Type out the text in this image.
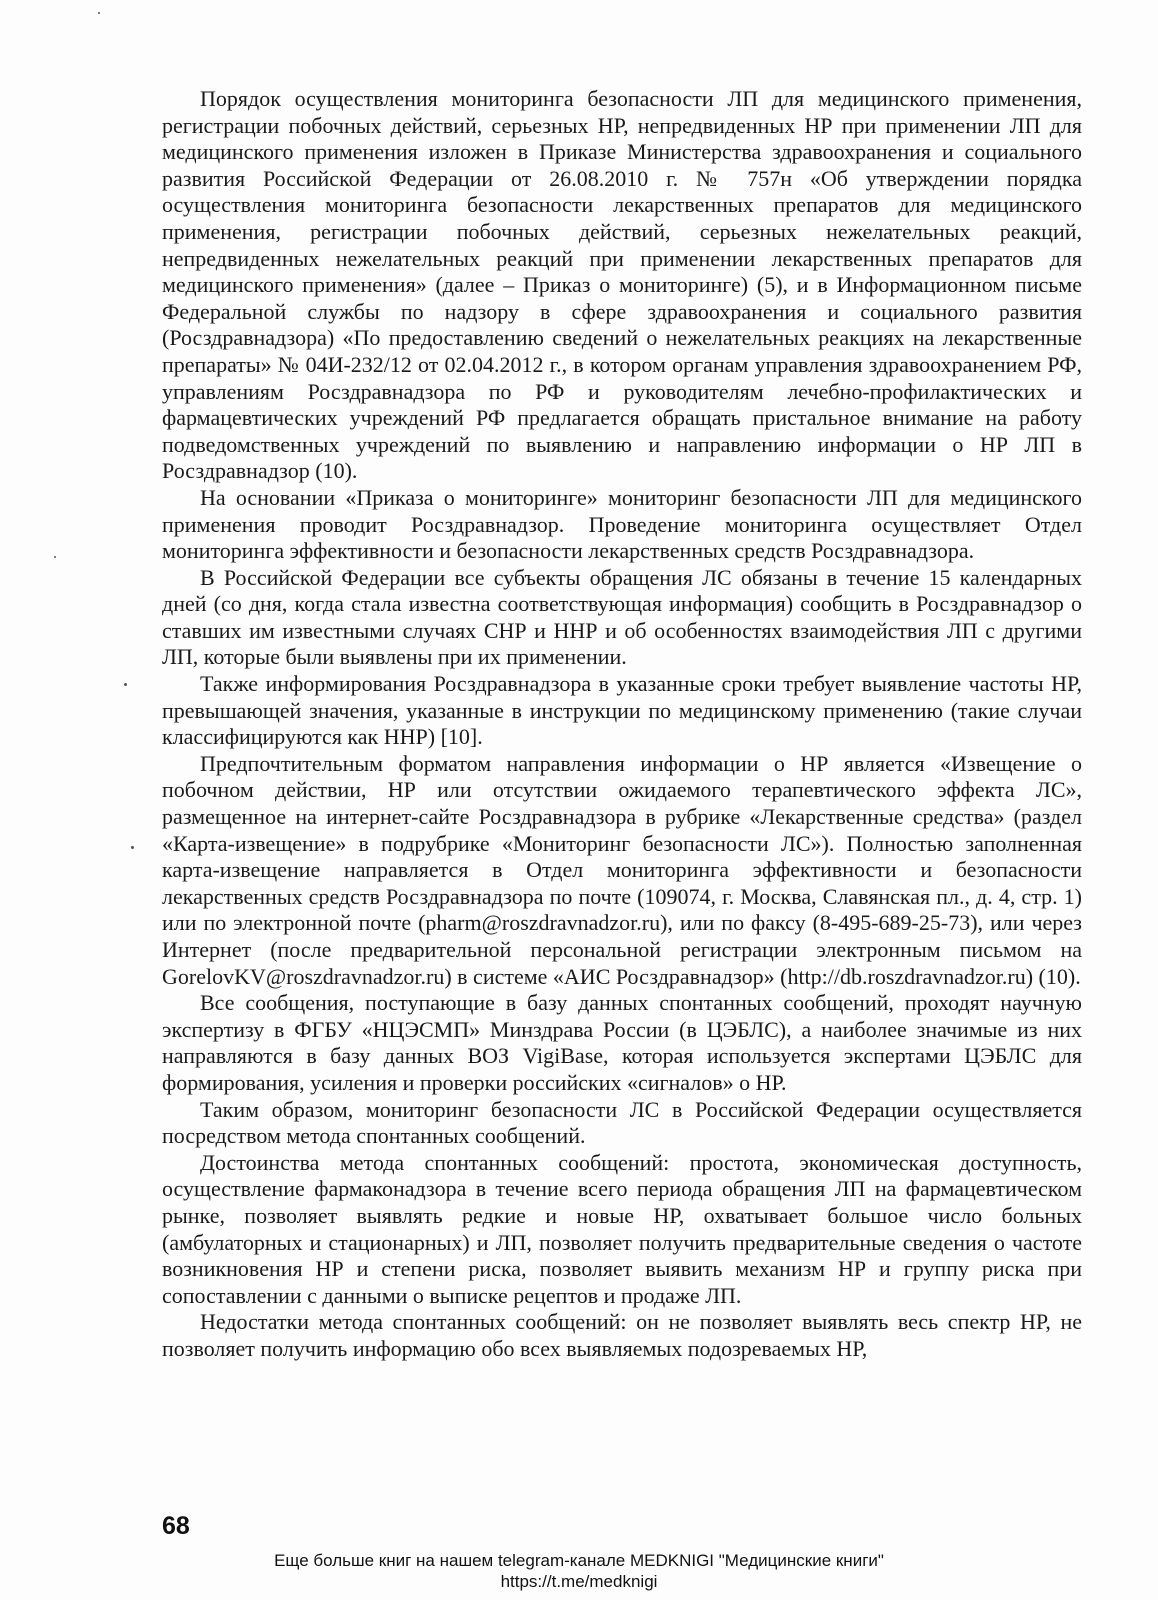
Порядок осуществления мониторинга безопасности ЛП для медицинского применения, регистрации побочных действий, серьезных НР, непредвиденных НР при применении ЛП для медицинского применения изложен в Приказе Министерства здравоохранения и социального развития Российской Федерации от 26.08.2010 г. № 757н «Об утверждении порядка осуществления мониторинга безопасности лекарственных препаратов для медицинского применения, регистрации побочных действий, серьезных нежелательных реакций, непредвиденных нежелательных реакций при применении лекарственных препаратов для медицинского применения» (далее – Приказ о мониторинге) (5), и в Информационном письме Федеральной службы по надзору в сфере здравоохранения и социального развития (Росздравнадзора) «По предоставлению сведений о нежелательных реакциях на лекарственные препараты» № 04И-232/12 от 02.04.2012 г., в котором органам управления здравоохранением РФ, управлениям Росздравнадзора по РФ и руководителям лечебно-профилактических и фармацевтических учреждений РФ предлагается обращать пристальное внимание на работу подведомственных учреждений по выявлению и направлению информации о НР ЛП в Росздравнадзор (10).

На основании «Приказа о мониторинге» мониторинг безопасности ЛП для медицинского применения проводит Росздравнадзор. Проведение мониторинга осуществляет Отдел мониторинга эффективности и безопасности лекарственных средств Росздравнадзора.

В Российской Федерации все субъекты обращения ЛС обязаны в течение 15 календарных дней (со дня, когда стала известна соответствующая информация) сообщить в Росздравнадзор о ставших им известными случаях СНР и ННР и об особенностях взаимодействия ЛП с другими ЛП, которые были выявлены при их применении.

Также информирования Росздравнадзора в указанные сроки требует выявление частоты НР, превышающей значения, указанные в инструкции по медицинскому применению (такие случаи классифицируются как ННР) [10].

Предпочтительным форматом направления информации о НР является «Извещение о побочном действии, НР или отсутствии ожидаемого терапевтического эффекта ЛС», размещенное на интернет-сайте Росздравнадзора в рубрике «Лекарственные средства» (раздел «Карта-извещение» в подрубрике «Мониторинг безопасности ЛС»). Полностью заполненная карта-извещение направляется в Отдел мониторинга эффективности и безопасности лекарственных средств Росздравнадзора по почте (109074, г. Москва, Славянская пл., д. 4, стр. 1) или по электронной почте (pharm@roszdravnadzor.ru), или по факсу (8-495-689-25-73), или через Интернет (после предварительной персональной регистрации электронным письмом на GorelovKV@roszdravnadzor.ru) в системе «АИС Росздравнадзор» (http://db.roszdravnadzor.ru) (10).

Все сообщения, поступающие в базу данных спонтанных сообщений, проходят научную экспертизу в ФГБУ «НЦЭСМП» Минздрава России (в ЦЭБЛС), а наиболее значимые из них направляются в базу данных ВОЗ VigiBase, которая используется экспертами ЦЭБЛС для формирования, усиления и проверки российских «сигналов» о НР.

Таким образом, мониторинг безопасности ЛС в Российской Федерации осуществляется посредством метода спонтанных сообщений.

Достоинства метода спонтанных сообщений: простота, экономическая доступность, осуществление фармаконадзора в течение всего периода обращения ЛП на фармацевтическом рынке, позволяет выявлять редкие и новые НР, охватывает большое число больных (амбулаторных и стационарных) и ЛП, позволяет получить предварительные сведения о частоте возникновения НР и степени риска, позволяет выявить механизм НР и группу риска при сопоставлении с данными о выписке рецептов и продаже ЛП.

Недостатки метода спонтанных сообщений: он не позволяет выявлять весь спектр НР, не позволяет получить информацию обо всех выявляемых подозреваемых НР,

68
Еще больше книг на нашем telegram-канале MEDKNIGI "Медицинские книги"
https://t.me/medknigi
